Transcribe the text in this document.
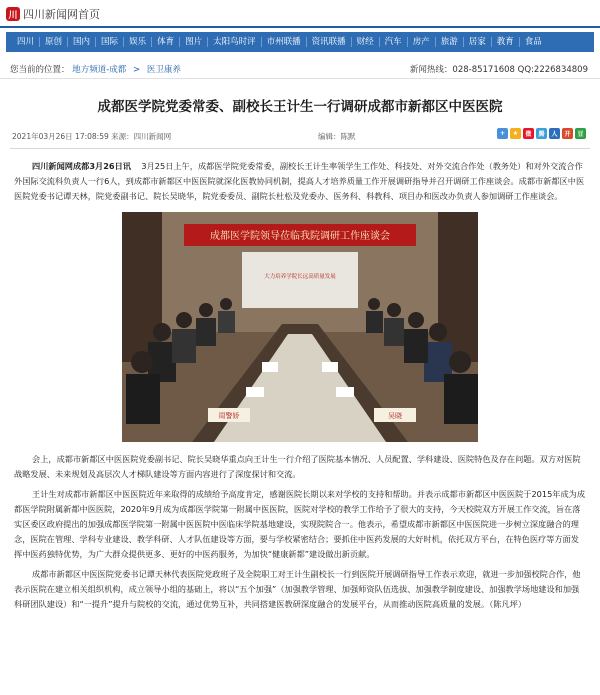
川 四川新闻网首页
四川	原创	国内	国际	娱乐	体育	图片	太阳鸟时评	市州联播	资讯联播	财经	汽车	房产	旅游	居家	教育	食品
您当前的位置： 地方频道-成都 > 医卫康养	新闻热线：028-85171608 QQ:2226834809
成都医学院党委常委、副校长王计生一行调研成都市新都区中医医院
2021年03月26日 17:08:59 来源：四川新闻网	编辑：陈默	+	★	微	腾	人	开	豆

四川新闻网成都3月26日讯 3月25日上午，成都医学院党委常委，副校长王计生率领学生工作处、科技处、对外交流合作处（教务处）和对外交流合作外国际交流科负责人一行6人，到成都市新都区中医医院就深化医教协同机制，提高人才培养质量工作开展调研指导并召开调研工作座谈会。成都市新都区中医医院党委书记谭天林，院党委副书记、院长吴晓华，院党委委员、副院长杜松及党委办、医务科、科教科、项目办和医改办负责人参加调研工作座谈会。

成都医学院领导莅临我院调研工作座谈会
大力培养学院长远高质量发展
周警娇	吴晓

会上，成都市新都区中医医院党委副书记、院长吴晓华重点向王计生一行介绍了医院基本情况、人员配置、学科建设、医院特色及存在问题。双方对医院战略发展、未来规划及高层次人才梯队建设等方面内容进行了深度探讨和交流。

王计生对成都市新都区中医医院近年来取得的成绩给予高度肯定，感谢医院长期以来对学校的支持和帮助。并表示成都市新都区中医医院于2015年成为成都医学院附属新都中医医院，2020年9月成为成都医学院第一附属中医医院，医院对学校的教学工作给予了很大的支持，今天校院双方开展工作交流，旨在落实区委区政府提出的加强成都医学院第一附属中医医院中医临床学院基地建设，实现院院合一。他表示，希望成都市新都区中医医院进一步树立深度融合的理念，医院在管理、学科专业建设、教学科研、人才队伍建设等方面，要与学校紧密结合；要抓住中医药发展的大好时机，依托双方平台，在特色医疗等方面发挥中医药独特优势，为广大群众提供更多、更好的中医药服务，为加快“健康新都”建设做出新贡献。

成都市新都区中医医院党委书记谭天林代表医院党政班子及全院职工对王计生副校长一行到医院开展调研指导工作表示欢迎，就进一步加强校院合作，他表示医院在建立相关组织机构，成立领导小组的基础上，将以“五个加强”（加强教学管理、加强师资队伍选拔、加强教学制度建设、加强教学场地建设和加强科研团队建设）和“一提升”提升与院校的交流，通过优势互补，共同搭建医教研深度融合的发展平台，从而推动医院高质量的发展。（陈凡坪）
